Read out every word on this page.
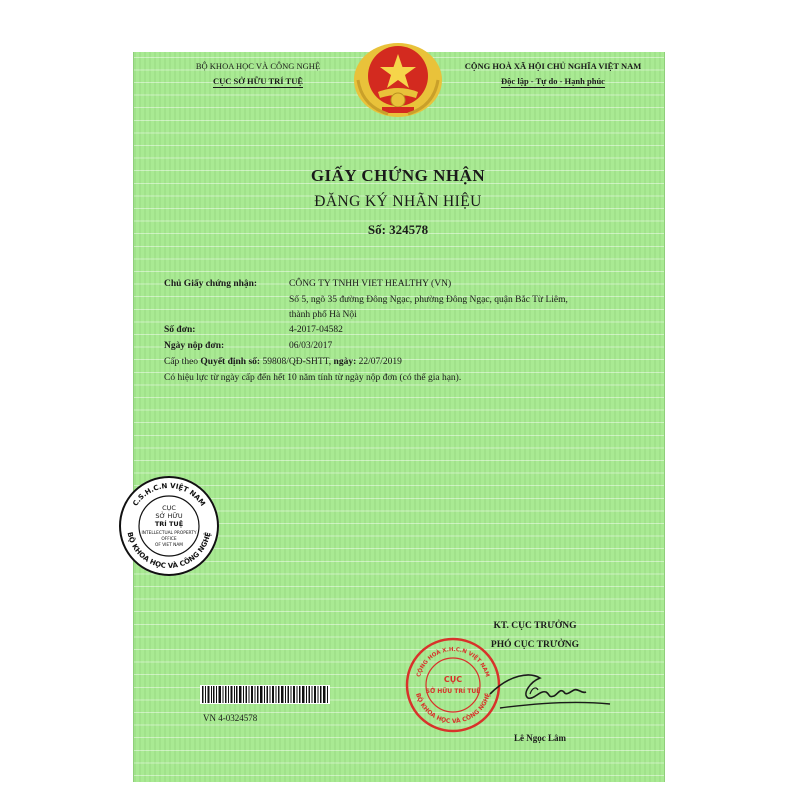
BỘ KHOA HỌC VÀ CÔNG NGHỆ
CỤC SỞ HỮU TRÍ TUỆ
CỘNG HOÀ XÃ HỘI CHỦ NGHĨA VIỆT NAM
Độc lập - Tự do - Hạnh phúc
GIẤY CHỨNG NHẬN
ĐĂNG KÝ NHÃN HIỆU
Số: 324578
Chủ Giấy chứng nhận:	CÔNG TY TNHH VIET HEALTHY (VN)
Số 5, ngõ 35 đường Đông Ngạc, phường Đông Ngạc, quận Bắc Từ Liêm,
thành phố Hà Nội
Số đơn:	4-2017-04582
Ngày nộp đơn:	06/03/2017
Cấp theo Quyết định số: 59808/QĐ-SHTT, ngày: 22/07/2019
Có hiệu lực từ ngày cấp đến hết 10 năm tính từ ngày nộp đơn (có thể gia hạn).
C.S.H.C.N VIỆT NAM
BỘ KHOA HỌC VÀ CÔNG NGHỆ
CỤC
SỞ HỮU
TRÍ TUỆ
INTELLECTUAL PROPERTY
OFFICE
OF VIET NAM
KT. CỤC TRƯỞNG
PHÓ CỤC TRƯỞNG
CỘNG HOÀ X.H.C.N VIỆT NAM
BỘ KHOA HỌC VÀ CÔNG NGHỆ
CỤC
SỞ HỮU TRÍ TUỆ
Lê Ngọc Lâm
VN 4-0324578
